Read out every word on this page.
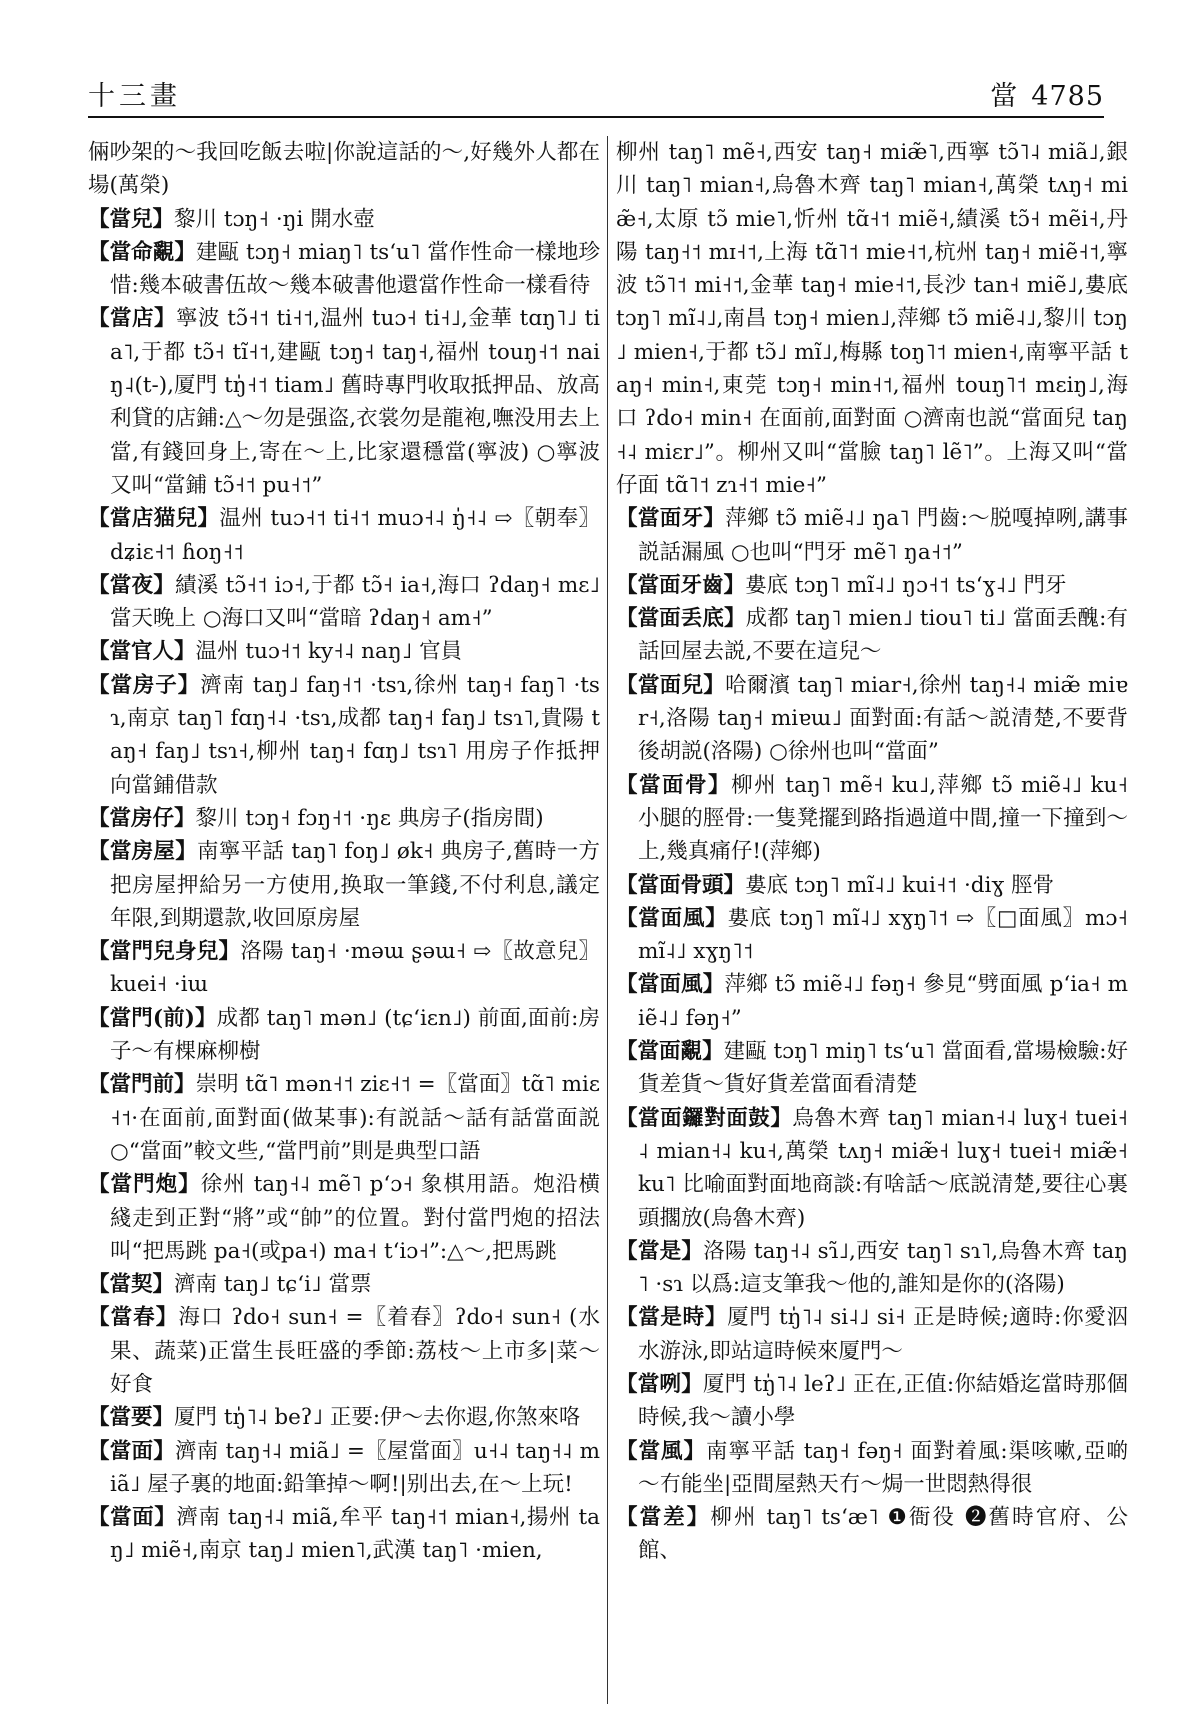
十三畫	當 4785

倆吵架的～我回吃飯去啦|你說這話的～,好幾外人都在場(萬榮)

【當兒】黎川 tɔŋ˧ ·ŋi 開水壺

【當命覶】建甌 tɔŋ˧ miaŋ˥ tsʻu˥ 當作性命一樣地珍惜:幾本破書伍故～幾本破書他還當作性命一樣看待

【當店】寧波 tɔ̃˧˦ ti˧˦,温州 tuɔ˧ ti˧˩,金華 tɑŋ˥˩ tia˥,于都 tɔ̃˧ tĩ˧˦,建甌 tɔŋ˧ taŋ˧,福州 touŋ˧˦ naiŋ˨(t-),厦門 tŋ̍˧˦ tiam˩ 舊時專門收取抵押品、放高利貸的店鋪:△～勿是强盗,衣裳勿是龍袍,嘸没用去上當,有錢回身上,寄在～上,比家還穩當(寧波) ○寧波又叫“當鋪 tɔ̃˧˦ pu˧˦”

【當店猫兒】温州 tuɔ˧˦ ti˧˦ muɔ˧˨ ŋ̍˧˨ ⇨〖朝奉〗dʑiɛ˧˦ ɦoŋ˧˦

【當夜】績溪 tɔ̃˧˦ iɔ˧,于都 tɔ̃˧ ia˧,海口 ʔdaŋ˧ mɛ˩ 當天晚上 ○海口又叫“當暗 ʔdaŋ˧ am˧”

【當官人】温州 tuɔ˧˦ ky˧˨ naŋ˩ 官員

【當房子】濟南 taŋ˩ faŋ˧˦ ·tsɿ,徐州 taŋ˧ faŋ˥ ·tsɿ,南京 taŋ˥ fɑŋ˧˨ ·tsɿ,成都 taŋ˧ faŋ˩ tsɿ˥,貴陽 taŋ˧ faŋ˩ tsɿ˧,柳州 taŋ˧ fɑŋ˩ tsɿ˥ 用房子作抵押向當鋪借款

【當房仔】黎川 tɔŋ˧ fɔŋ˧˦ ·ŋɛ 典房子(指房間)

【當房屋】南寧平話 taŋ˥ foŋ˩ øk˧ 典房子,舊時一方把房屋押給另一方使用,换取一筆錢,不付利息,議定年限,到期還款,收回原房屋

【當門兒身兒】洛陽 taŋ˧ ·məɯ ʂəɯ˧ ⇨〖故意兒〗kuei˧ ·iɯ

【當門(前)】成都 taŋ˥ mən˩ (tɕʻiɛn˩) 前面,面前:房子～有棵麻柳樹

【當門前】崇明 tɑ̃˥ mən˧˦ ziɛ˧˦ =〖當面〗tɑ̃˥ miɛ˧˦·在面前,面對面(做某事):有説話～話有話當面説 ○“當面”較文些,“當門前”則是典型口語

【當門炮】徐州 taŋ˧˨ mẽ˥ pʻɔ˧ 象棋用語。炮沿横綫走到正對“將”或“帥”的位置。對付當門炮的招法叫“把馬跳 pa˧(或pa˧) ma˧ tʻiɔ˧”:△～,把馬跳

【當契】濟南 taŋ˩ tɕʻi˩ 當票

【當春】海口 ʔdo˧ sun˧ =〖着春〗ʔdo˧ sun˧ (水果、蔬菜)正當生長旺盛的季節:荔枝～上市多|菜～好食

【當要】厦門 tŋ̍˥˨ beʔ˩ 正要:伊～去你遐,你煞來咯

【當面】濟南 taŋ˧˨ miã˩ =〖屋當面〗u˧˨ taŋ˧˨ miã˩ 屋子裏的地面:鉛筆掉～啊!|别出去,在～上玩!

【當面】濟南 taŋ˧˨ miã,牟平 taŋ˧˦ mian˧,揚州 taŋ˩ miẽ˧,南京 taŋ˩ mien˥,武漢 taŋ˥ ·mien,

柳州 taŋ˥ mẽ˧,西安 taŋ˧ miæ̃˥,西寧 tɔ̃˥˨ miã˩,銀川 taŋ˥ mian˧,烏魯木齊 taŋ˥ mian˧,萬榮 tʌŋ˧ miæ̃˧,太原 tɔ̃ mie˥,忻州 tɑ̃˧˦ miẽ˧,績溪 tɔ̃˧ mẽi˧,丹陽 taŋ˧˦ mɪ˧˦,上海 tɑ̃˥˦ mie˧˦,杭州 taŋ˧ miẽ˧˦,寧波 tɔ̃˥˦ mi˧˦,金華 taŋ˧ mie˧˦,長沙 tan˧ miẽ˩,婁底 tɔŋ˥ mĩ˨˩,南昌 tɔŋ˧ mien˩,萍鄉 tɔ̃ miẽ˨˩,黎川 tɔŋ˩ mien˧,于都 tɔ̃˩ mĩ˩,梅縣 toŋ˥˦ mien˧,南寧平話 taŋ˧ min˧,東莞 tɔŋ˧ min˧˦,福州 touŋ˥˦ mɛiŋ˩,海口 ʔdo˧ min˧ 在面前,面對面 ○濟南也説“當面兒 taŋ˧˨ miɛr˩”。柳州又叫“當臉 taŋ˥ lẽ˥”。上海又叫“當仔面 tɑ̃˥˦ zɿ˧˦ mie˧”

【當面牙】萍鄉 tɔ̃ miẽ˨˩ ŋa˥ 門齒:～脱嘎掉咧,講事説話漏風 ○也叫“門牙 mẽ˥ ŋa˧˦”

【當面牙齒】婁底 tɔŋ˥ mĩ˨˩ ŋɔ˧˦ tsʻɣ˨˩ 門牙

【當面丢底】成都 taŋ˥ mien˩ tiou˥ ti˩ 當面丢醜:有話回屋去説,不要在這兒～

【當面兒】哈爾濱 taŋ˥ miar˧,徐州 taŋ˧˨ miæ̃ miɐr˧,洛陽 taŋ˧ miɐɯ˩ 面對面:有話～説清楚,不要背後胡説(洛陽) ○徐州也叫“當面”

【當面骨】柳州 taŋ˥ mẽ˧ ku˩,萍鄉 tɔ̃ miẽ˨˩ ku˧ 小腿的脛骨:一隻凳擺到路指過道中間,撞一下撞到～上,幾真痛仔!(萍鄉)

【當面骨頭】婁底 tɔŋ˥ mĩ˨˩ kui˧˦ ·diɣ 脛骨

【當面風】婁底 tɔŋ˥ mĩ˨˩ xɣŋ˥˦ ⇨〖□面風〗mɔ˧ mĩ˨˩ xɣŋ˥˦

【當面風】萍鄉 tɔ̃ miẽ˨˩ fəŋ˧ 參見“劈面風 pʻia˧ miẽ˨˩ fəŋ˧”

【當面覶】建甌 tɔŋ˥ miŋ˥ tsʻu˥ 當面看,當場檢驗:好貨差貨～貨好貨差當面看清楚

【當面鑼對面鼓】烏魯木齊 taŋ˥ mian˧˨ luɣ˧ tuei˧˨ mian˧˨ ku˧,萬榮 tʌŋ˧ miæ̃˧ luɣ˧ tuei˧ miæ̃˧ ku˥ 比喻面對面地商談:有啥話～底説清楚,要往心裏頭擱放(烏魯木齊)

【當是】洛陽 taŋ˧˨ sɿ̃˩,西安 taŋ˥ sɿ˥,烏魯木齊 taŋ˥ ·sɿ 以爲:這支筆我～他的,誰知是你的(洛陽)

【當是時】厦門 tŋ̍˥˨ si˨˩ si˧ 正是時候;適時:你愛泅水游泳,即站這時候來厦門～

【當咧】厦門 tŋ̍˥˨ leʔ˩ 正在,正值:你結婚迄當時那個時候,我～讀小學

【當風】南寧平話 taŋ˧ fəŋ˧ 面對着風:渠咳嗽,亞啲～冇能坐|亞間屋熱天冇～焗一世悶熱得很

【當差】柳州 taŋ˥ tsʻæ˥ ❶衙役 ❷舊時官府、公館、
